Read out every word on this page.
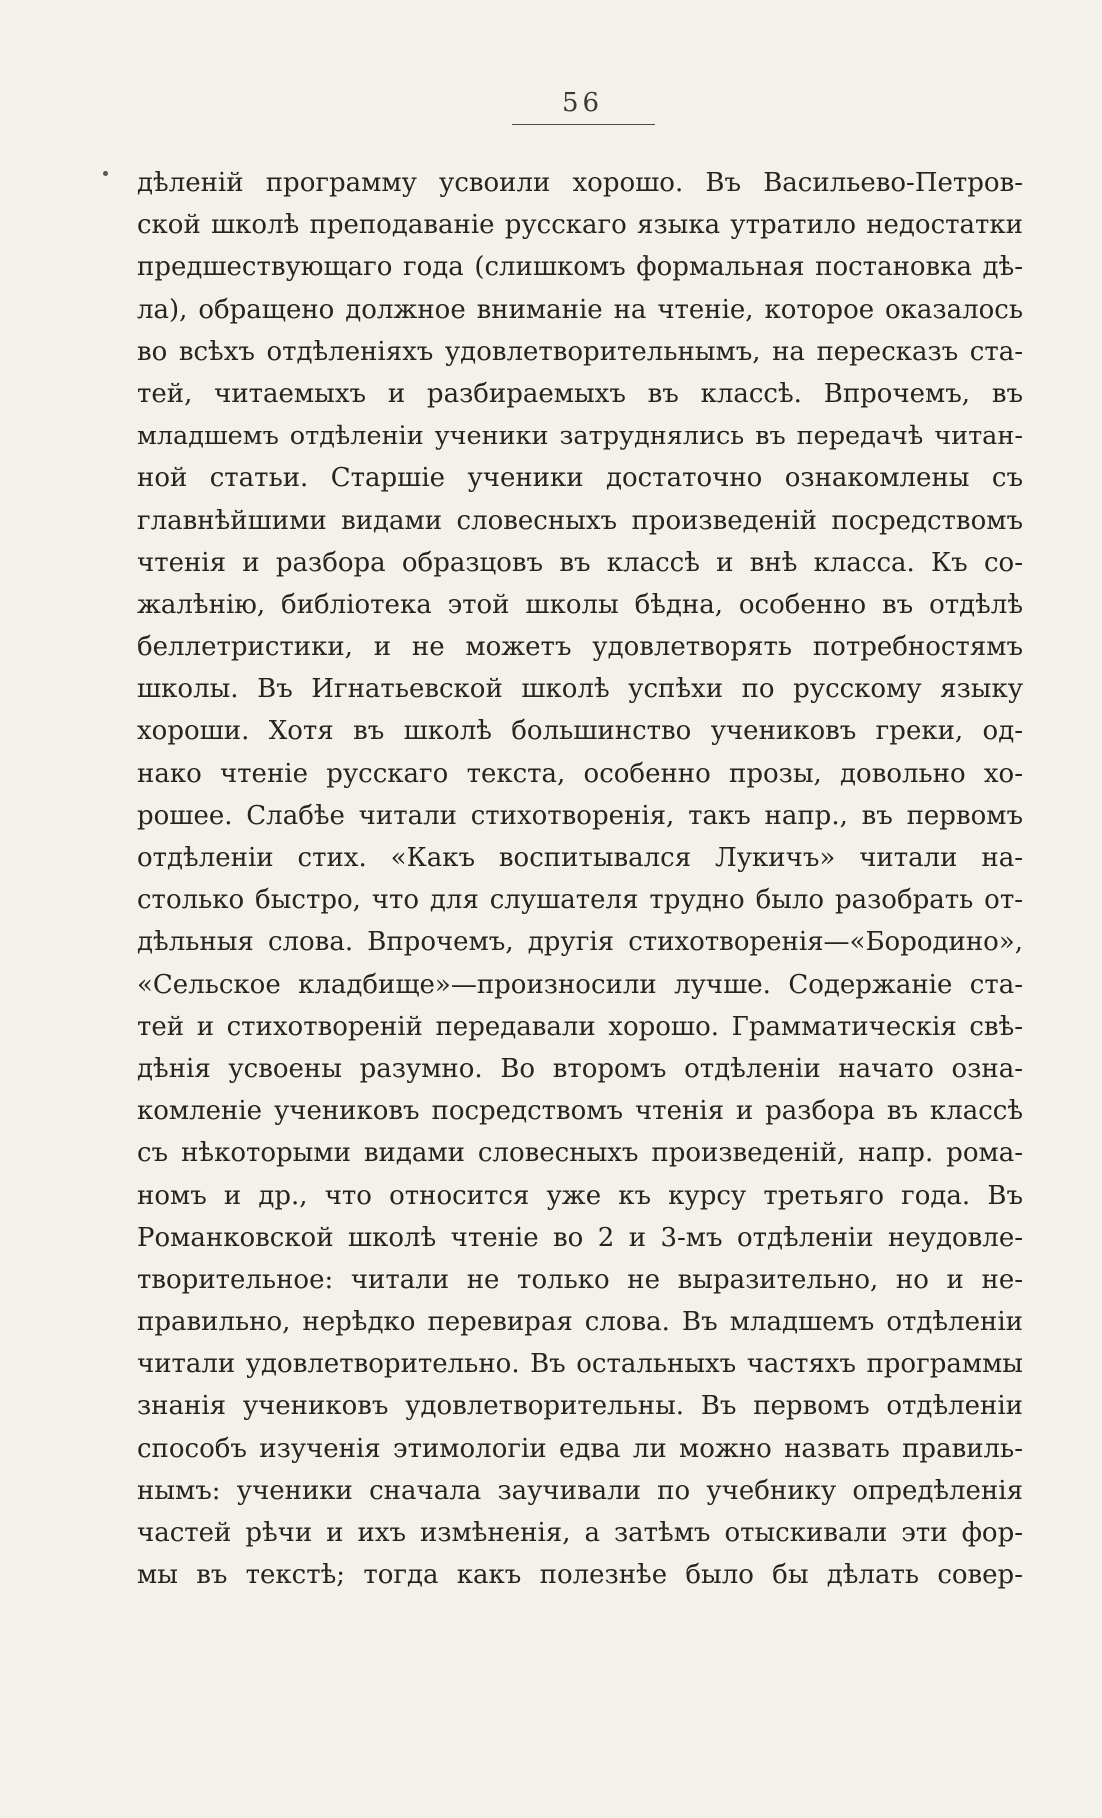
56
дѣленій программу усвоили хорошо. Въ Васильево-Петров-
ской школѣ преподаваніе русскаго языка утратило недостатки
предшествующаго года (слишкомъ формальная постановка дѣ-
ла), обращено должное вниманіе на чтеніе, которое оказалось
во всѣхъ отдѣленіяхъ удовлетворительнымъ, на пересказъ ста-
тей, читаемыхъ и разбираемыхъ въ классѣ. Впрочемъ, въ
младшемъ отдѣленіи ученики затруднялись въ передачѣ читан-
ной статьи. Старшіе ученики достаточно ознакомлены съ
главнѣйшими видами словесныхъ произведеній посредствомъ
чтенія и разбора образцовъ въ классѣ и внѣ класса. Къ со-
жалѣнію, библіотека этой школы бѣдна, особенно въ отдѣлѣ
беллетристики, и не можетъ удовлетворять потребностямъ
школы. Въ Игнатьевской школѣ успѣхи по русскому языку
хороши. Хотя въ школѣ большинство учениковъ греки, од-
нако чтеніе русскаго текста, особенно прозы, довольно хо-
рошее. Слабѣе читали стихотворенія, такъ напр., въ первомъ
отдѣленіи стих. «Какъ воспитывался Лукичъ» читали на-
столько быстро, что для слушателя трудно было разобрать от-
дѣльныя слова. Впрочемъ, другія стихотворенія—«Бородино»,
«Сельское кладбище»—произносили лучше. Содержаніе ста-
тей и стихотвореній передавали хорошо. Грамматическія свѣ-
дѣнія усвоены разумно. Во второмъ отдѣленіи начато озна-
комленіе учениковъ посредствомъ чтенія и разбора въ классѣ
съ нѣкоторыми видами словесныхъ произведеній, напр. рома-
номъ и др., что относится уже къ курсу третьяго года. Въ
Романковской школѣ чтеніе во 2 и 3-мъ отдѣленіи неудовле-
творительное: читали не только не выразительно, но и не-
правильно, нерѣдко перевирая слова. Въ младшемъ отдѣленіи
читали удовлетворительно. Въ остальныхъ частяхъ программы
знанія учениковъ удовлетворительны. Въ первомъ отдѣленіи
способъ изученія этимологіи едва ли можно назвать правиль-
нымъ: ученики сначала заучивали по учебнику опредѣленія
частей рѣчи и ихъ измѣненія, а затѣмъ отыскивали эти фор-
мы въ текстѣ; тогда какъ полезнѣе было бы дѣлать совер-
